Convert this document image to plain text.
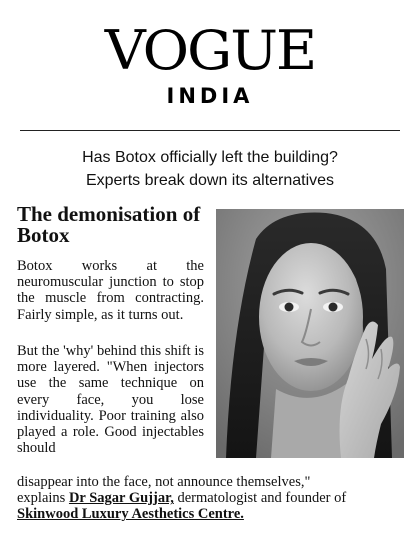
VOGUE
INDIA
Has Botox officially left the building?
Experts break down its alternatives
The demonisation of
Botox

Botox works at the neuromuscular junction to stop the muscle from contracting. Fairly simple, as it turns out.

But the 'why' behind this shift is more layered. "When injectors use the same technique on every face, you lose individuality. Poor training also played a role. Good injectables should

disappear into the face, not announce themselves,"
explains Dr Sagar Gujjar, dermatologist and founder of
Skinwood Luxury Aesthetics Centre.
